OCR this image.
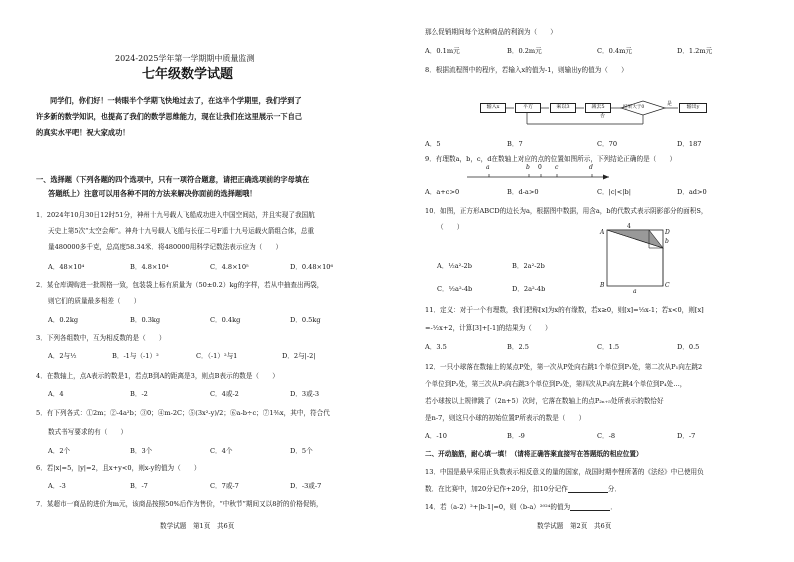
2024-2025学年第一学期期中质量监测
七年级数学试题
同学们，你们好！一转眼半个学期飞快地过去了，在这半个学期里，我们学到了
许多新的数学知识，也提高了我们的数学思维能力，现在让我们在这里展示一下自己
的真实水平吧！祝大家成功！
一、选择题（下列各题的四个选项中，只有一项符合题意，请把正确选项前的字母填在
答题纸上）注意可以用各种不同的方法来解决你面前的选择题哦！
1．2024年10月30日12时51分，神州十九号载人飞船成功进入中国空间站，并且实现了我国航
天史上第5次“太空会师”。神舟十九号载人飞船与长征二号F遥十九号运载火箭组合体，总重
量480000多千克，总高度58.34米．将480000用科学记数法表示应为（　　）
A．48×10⁴	B．4.8×10⁴	C．4.8×10⁵	D．0.48×10⁶
2．某仓库调购进一批规格一致，包装袋上标有质量为（50±0.2）kg的字样，若从中抽查出两袋，
则它们的质量最多相差（　　）
A．0.2kg	B．0.3kg	C．0.4kg	D．0.5kg
3．下列各组数中，互为相反数的是（　　）
A．2与½	B．-1与（-1）²	C．（-1）²与1	D．2与|-2|
4．在数轴上，点A表示的数是1，若点B到A的距离是3，则点B表示的数是（　　）
A．4	B．-2	C．4或-2	D．3或-3
5．有下列各式：①2m；②-4a²b；③0；④m-2C；⑤(3x²-y)/2；⑥a-b÷c；⑦1⅗x，其中，符合代
数式书写要求的有（　　）
A．2个	B．3个	C．4个	D．5个
6．若|x|=5，|y|=2，且x+y<0，则x-y的值为（　　）
A．-3	B．-7	C．7或-7	D．-3或-7
7．某超市一商品的进价为m元，该商品按照50%后作为售价，“中秋节”期间又以8折的价格促销，
数学试题　第1页　共6页
那么促销期间每个这种商品的利润为（　　）
A．0.1m元	B．0.2m元	C．0.4m元	D．1.2m元
8．根据流程图中的程序，若输入x的值为-1，则输出y的值为（　　）
输入x	平方	乘以3	减去5
否
是
结果大于0	输出y
A．5	B．7	C．70	D．187
9．有理数a，b，c，d在数轴上对应的点的位置如图所示，下列结论正确的是（　　）
a	b 0 c	d
A．a+c>0	B．d-a>0	C．|c|<|b|	D．ad>0
10．如图，正方形ABCD的边长为a，根据图中数据，用含a，b的代数式表示阴影部分的面积S，
（　　）
A．½a²-2b	B．2a²-2b
C．½a²-4b	D．2a²-4b
A
B	C
D
a
4
b
11．定义：对于一个有理数，我们把称[x]为x的有缘数，若x≥0，则[x]=⅓x-1；若x<0，则[x]
=-½x+2，计算[3]+[-1]的结果为（　　）
A．3.5	B．2.5	C．1.5	D．0.5
12．一只小球落在数轴上的某点P处，第一次从P处向右跳1个单位到P₁处，第二次从P₁向左跳2
个单位到P₂处，第三次从P₂向右跳3个单位到P₃处，第四次从P₃向左跳4个单位到P₄处…，
若小球按以上规律跳了（2n+5）次时，它落在数轴上的点P₂ₙ₊₅处所表示的数恰好
是n-7，则这只小球的初始位置P所表示的数是（　　）
A．-10	B．-9	C．-8	D．-7
二、开动脑筋，耐心填一填！（请将正确答案直接写在答题纸的相应位置）
13．中国是最早采用正负数表示相反意义的量的国家，战国时期李悝所著的《法经》中已使用负
数．在比赛中，加20分记作+20分，扣10分记作	分．
14．若（a-2）²+|b-1|=0，则（b-a）²⁰²⁴的值为	．
数学试题　第2页　共6页
